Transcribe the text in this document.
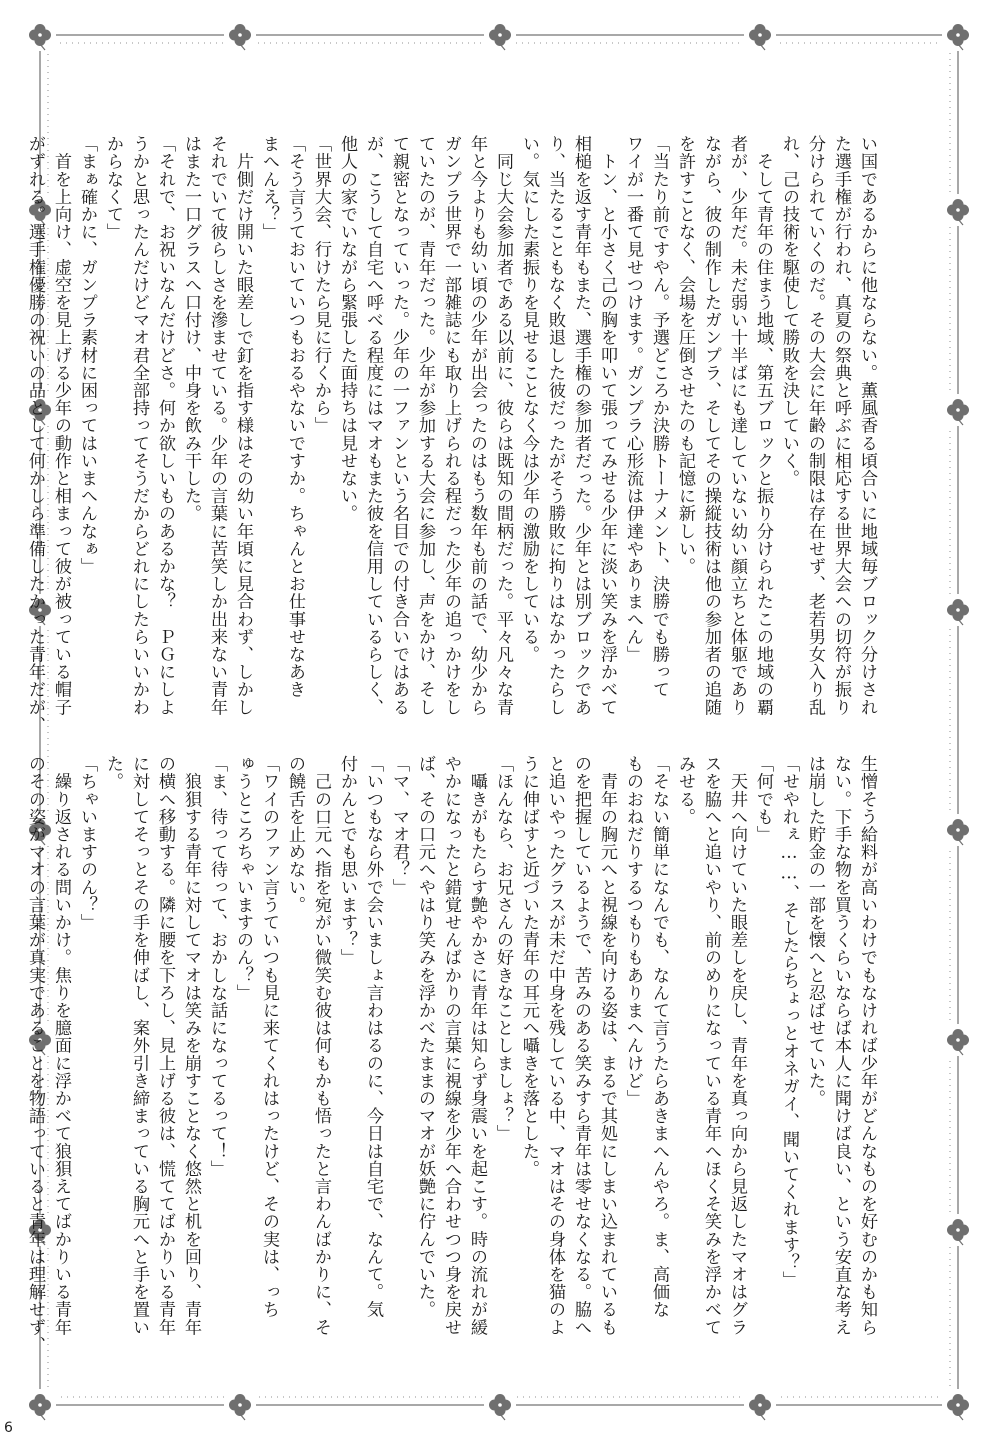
い国であるからに他ならない。薫風香る頃合いに地域毎ブロック分けされ

た選手権が行われ、真夏の祭典と呼ぶに相応する世界大会への切符が振り

分けられていくのだ。その大会に年齢の制限は存在せず、老若男女入り乱

れ、己の技術を駆使して勝敗を決していく。

　そして青年の住まう地域、第五ブロックと振り分けられたこの地域の覇

者が、少年だ。未だ弱い十半ばにも達していない幼い顔立ちと体躯であり

ながら、彼の制作したガンプラ、そしてその操縦技術は他の参加者の追随

を許すことなく、会場を圧倒させたのも記憶に新しい。

「当たり前ですやん。予選どころか決勝トーナメント、決勝でも勝って

ワイが一番て見せつけます。ガンプラ心形流は伊達やありまへん」

　トン、と小さく己の胸を叩いて張ってみせる少年に淡い笑みを浮かべて

相槌を返す青年もまた、選手権の参加者だった。少年とは別ブロックであ

り、当たることもなく敗退した彼だったがそう勝敗に拘りはなかったらし

い。気にした素振りを見せることなく今は少年の激励をしている。

　同じ大会参加者である以前に、彼らは既知の間柄だった。平々凡々な青

年と今よりも幼い頃の少年が出会ったのはもう数年も前の話で、幼少から

ガンプラ世界で一部雑誌にも取り上げられる程だった少年の追っかけをし

ていたのが、青年だった。少年が参加する大会に参加し、声をかけ、そし

て親密となっていった。少年の一ファンという名目での付き合いではある

が、こうして自宅へ呼べる程度にはマオもまた彼を信用しているらしく、

他人の家でいながら緊張した面持ちは見せない。

「世界大会、行けたら見に行くから」

「そう言うておいていつもおるやないですか。ちゃんとお仕事せなあき

まへんえ？」

　片側だけ開いた眼差しで釘を指す様はその幼い年頃に見合わず、しかし

それでいて彼らしさを滲ませている。少年の言葉に苦笑しか出来ない青年

はまた一口グラスへ口付け、中身を飲み干した。

「それで、お祝いなんだけどさ。何か欲しいものあるかな？　ＰＧにしよ

うかと思ったんだけどマオ君全部持ってそうだからどれにしたらいいかわ

からなくて」

「まぁ確かに、ガンプラ素材に困ってはいまへんなぁ」

　首を上向け、虚空を見上げる少年の動作と相まって彼が被っている帽子

がずれる。選手権優勝の祝いの品として何かしら準備したかった青年だが、

生憎そう給料が高いわけでもなければ少年がどんなものを好むのかも知ら

ない。下手な物を買うくらいならば本人に聞けば良い、という安直な考え

は崩した貯金の一部を懐へと忍ばせていた。

「せやれぇ……、そしたらちょっとオネガイ、聞いてくれます？」

「何でも」

　天井へ向けていた眼差しを戻し、青年を真っ向から見返したマオはグラ

スを脇へと追いやり、前のめりになっている青年へほくそ笑みを浮かべて

みせる。

「そない簡単になんでも、なんて言うたらあきまへんやろ。ま、高価な

ものおねだりするつもりもありまへんけど」

　青年の胸元へと視線を向ける姿は、まるで其処にしまい込まれているも

のを把握しているようで、苦みのある笑みすら青年は零せなくなる。脇へ

と追いやったグラスが未だ中身を残している中、マオはその身体を猫のよ

うに伸ばすと近づいた青年の耳元へ囁きを落とした。

「ほんなら、お兄さんの好きなことしましょ？」

　囁きがもたらす艶やかさに青年は知らず身震いを起こす。時の流れが緩

やかになったと錯覚せんばかりの言葉に視線を少年へ合わせつつ身を戻せ

ば、その口元へやはり笑みを浮かべたままのマオが妖艶に佇んでいた。

「マ、マオ君？」

「いつもなら外で会いましょ言わはるのに、今日は自宅で、なんて。気

付かんとでも思います？」

　己の口元へ指を宛がい微笑む彼は何もかも悟ったと言わんばかりに、そ

の饒舌を止めない。

「ワイのファン言うていつも見に来てくれはったけど、その実は、っち

ゅうところちゃいますのん？」

「ま、待って待って、おかしな話になってるって！」

　狼狽する青年に対してマオは笑みを崩すことなく悠然と机を回り、青年

の横へ移動する。隣に腰を下ろし、見上げる彼は、慌ててばかりいる青年

に対してそっとその手を伸ばし、案外引き締まっている胸元へと手を置い

た。

「ちゃいますのん？」

　繰り返される問いかけ。焦りを臆面に浮かべて狼狽えてばかりいる青年

のその姿がマオの言葉が真実であることを物語っていると青年は理解せず、

6
